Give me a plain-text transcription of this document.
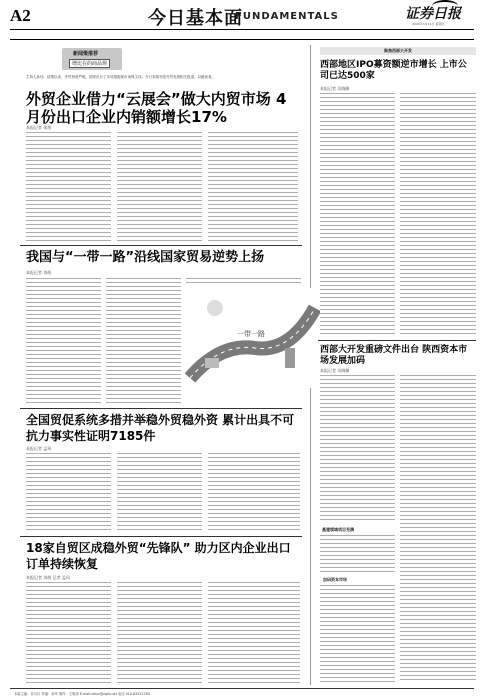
A2	今日基本面
FUNDAMENTALS	证券日报
2020年3月19日 星期四
新闻策推荐
增比在的商品规
主持人孙玮：疫情以来，外贸形势严峻，国家出台了多项措施保市场保主体。今日本版刊发外贸发展相关报道，以飨读者。
外贸企业借力“云展会”做大内贸市场 4月份出口企业内销额增长17%
本报记者 张茜
聚焦西部大开发
西部地区IPO募资额逆市增长 上市公司已达500家
本报记者 吴晓璐
我国与“一带一路”沿线国家贸易逆势上扬
本报记者 刘萌
一带一路
全国贸促系统多措并举稳外贸稳外资 累计出具不可抗力事实性证明7185件
本报记者 孟珂
西部大开发重磅文件出台 陕西资本市场发展加码
本报记者 吴晓璐
基建领域项目充满
加码资本市场
18家自贸区成稳外贸“先锋队” 助力区内企业出口订单持续恢复
本报记者 刘萌 记者 孟珂
本版主编：乔川川 责编：孙华 制作：王敬涛 E-mail:zmzx@zqrb.net 电话 010-83251785
